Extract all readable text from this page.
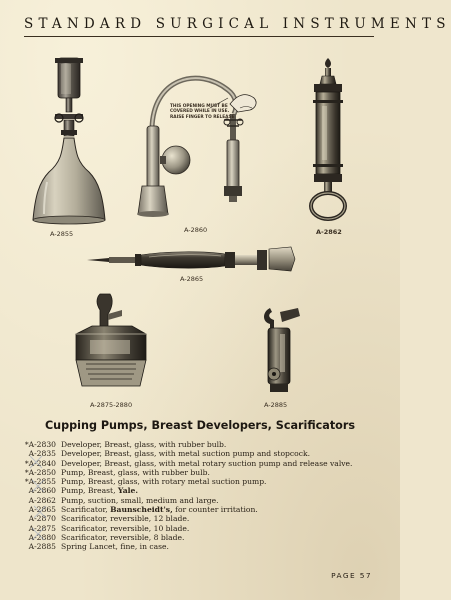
STANDARD SURGICAL INSTRUMENTS
A-2855
THIS OPENING MUST BE COVERED WHILE IN USE. RAISE FINGER TO RELEASE
A-2860	A-2862
A-2865
A-2875-2880	A-2885
Cupping Pumps, Breast Developers, Scarificators
*A-2830 Developer, Breast, glass, with rubber bulb.
A-2835 Developer, Breast, glass, with metal suction pump and stopcock.
*A-2840 Developer, Breast, glass, with metal rotary suction pump and release valve.
*A-2850 Pump, Breast, glass, with rubber bulb.
*A-2855 Pump, Breast, glass, with rotary metal suction pump.
A-2860 Pump, Breast, Yale.
A-2862 Pump, suction, small, medium and large.
A-2865 Scarificator, Baunscheidt's, for counter irritation.
A-2870 Scarificator, reversible, 12 blade.
A-2875 Scarificator, reversible, 10 blade.
A-2880 Scarificator, reversible, 8 blade.
A-2885 Spring Lancet, fine, in case.
PAGE 57
